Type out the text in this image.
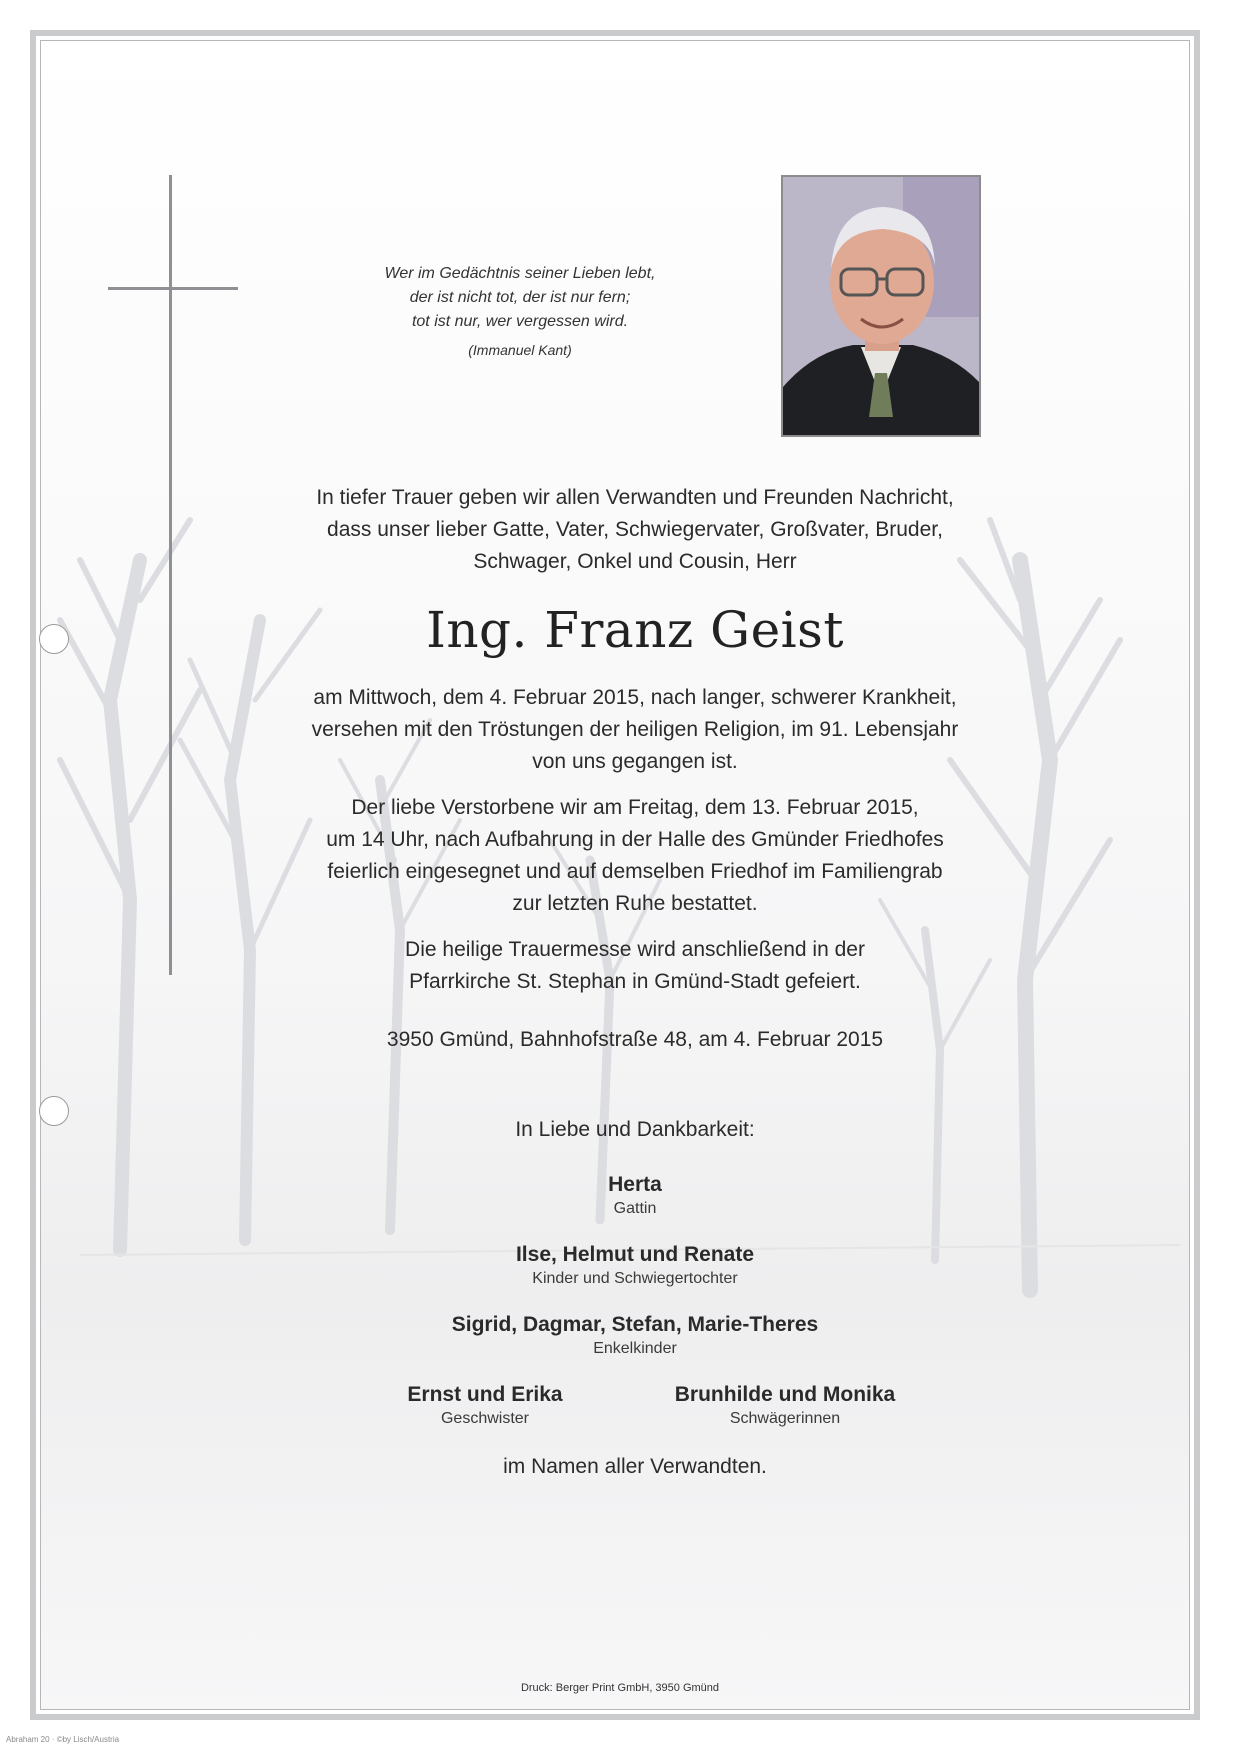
Wer im Gedächtnis seiner Lieben lebt,
der ist nicht tot, der ist nur fern;
tot ist nur, wer vergessen wird.
(Immanuel Kant)

In tiefer Trauer geben wir allen Verwandten und Freunden Nachricht,
dass unser lieber Gatte, Vater, Schwiegervater, Großvater, Bruder,
Schwager, Onkel und Cousin, Herr

Ing. Franz Geist

am Mittwoch, dem 4. Februar 2015, nach langer, schwerer Krankheit,
versehen mit den Tröstungen der heiligen Religion, im 91. Lebensjahr
von uns gegangen ist.

Der liebe Verstorbene wir am Freitag, dem 13. Februar 2015,
um 14 Uhr, nach Aufbahrung in der Halle des Gmünder Friedhofes
feierlich eingesegnet und auf demselben Friedhof im Familiengrab
zur letzten Ruhe bestattet.

Die heilige Trauermesse wird anschließend in der
Pfarrkirche St. Stephan in Gmünd-Stadt gefeiert.

3950 Gmünd, Bahnhofstraße 48, am 4. Februar 2015

In Liebe und Dankbarkeit:

Herta
Gattin
Ilse, Helmut und Renate
Kinder und Schwiegertochter
Sigrid, Dagmar, Stefan, Marie-Theres
Enkelkinder
Ernst und Erika
Geschwister
Brunhilde und Monika
Schwägerinnen

im Namen aller Verwandten.

Druck: Berger Print GmbH, 3950 Gmünd
Abraham 20 · ©by Lisch/Austria
